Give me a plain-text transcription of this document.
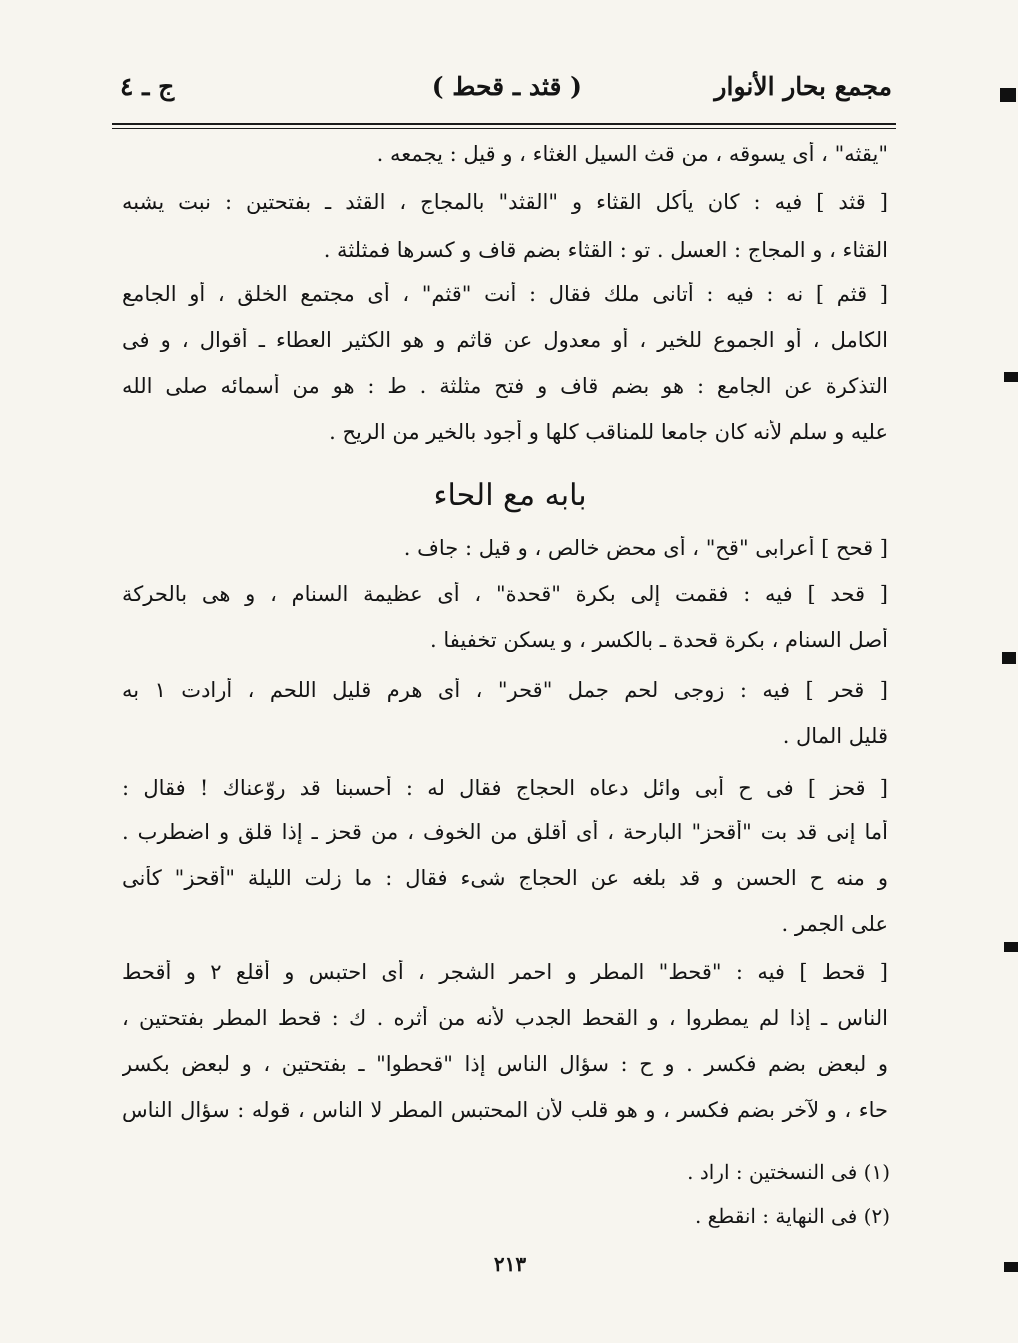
مجمع بحار الأنوار
( قثد ـ قحط )
ج ـ ٤
"يقثه" ، أى يسوقه ، من قث السيل الغثاء ، و قيل : يجمعه .
[ قثد ] فيه : كان يأكل القثاء و "القثد" بالمجاج ، القثد ـ بفتحتين : نبت يشبه
القثاء ، و المجاج : العسل . تو : القثاء بضم قاف و كسرها فمثلثة .
[ قثم ] نه : فيه : أتانى ملك فقال : أنت "قثم" ، أى مجتمع الخلق ، أو الجامع
الكامل ، أو الجموع للخير ، أو معدول عن قاثم و هو الكثير العطاء ـ أقوال ، و فى
التذكرة عن الجامع : هو بضم قاف و فتح مثلثة . ط : هو من أسمائه صلى الله
عليه و سلم لأنه كان جامعا للمناقب كلها و أجود بالخير من الريح .
بابه مع الحاء
[ قحح ] أعرابى "قح" ، أى محض خالص ، و قيل : جاف .
[ قحد ] فيه : فقمت إلى بكرة "قحدة" ، أى عظيمة السنام ، و هى بالحركة
أصل السنام ، بكرة قحدة ـ بالكسر ، و يسكن تخفيفا .
[ قحر ] فيه : زوجى لحم جمل "قحر" ، أى هرم قليل اللحم ، أرادت ١ به
قليل المال .
[ قحز ] فى ح أبى وائل دعاه الحجاج فقال له : أحسبنا قد روّعناك ! فقال :
أما إنى قد بت "أقحز" البارحة ، أى أقلق من الخوف ، من قحز ـ إذا قلق و اضطرب .
و منه ح الحسن و قد بلغه عن الحجاج شىء فقال : ما زلت الليلة "أقحز" كأنى
على الجمر .
[ قحط ] فيه : "قحط" المطر و احمر الشجر ، أى احتبس و أقلع ٢ و أقحط
الناس ـ إذا لم يمطروا ، و القحط الجدب لأنه من أثره . ك : قحط المطر بفتحتين ،
و لبعض بضم فكسر . و ح : سؤال الناس إذا "قحطوا" ـ بفتحتين ، و لبعض بكسر
حاء ، و لآخر بضم فكسر ، و هو قلب لأن المحتبس المطر لا الناس ، قوله : سؤال الناس
(١) فى النسختين : اراد .
(٢) فى النهاية : انقطع .
٢١٣
